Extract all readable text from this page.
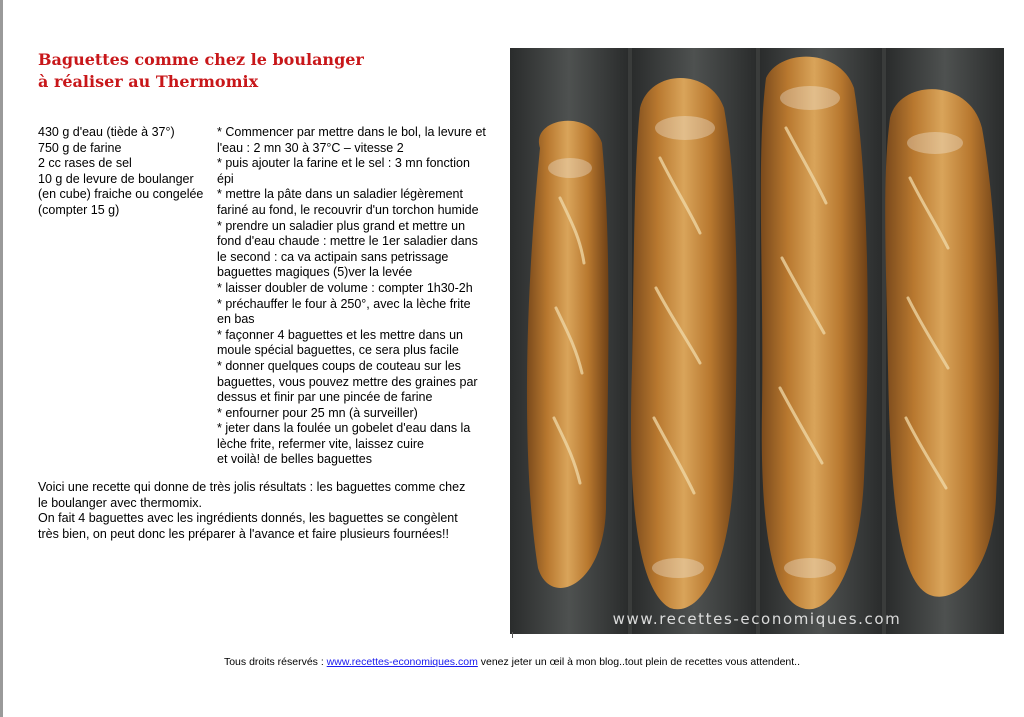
Baguettes comme chez le boulanger
à réaliser au Thermomix
430 g d'eau (tiède à 37°)
750 g de farine
2 cc rases de sel
10 g de levure de boulanger
(en cube) fraiche ou congelée
(compter 15 g)
* Commencer par mettre dans le bol, la levure et
l'eau : 2 mn 30 à 37°C – vitesse 2
* puis ajouter la farine et le sel : 3 mn fonction
épi
* mettre la pâte dans un saladier légèrement
fariné au fond, le recouvrir d'un torchon humide
* prendre un saladier plus grand et mettre un
fond d'eau chaude : mettre le 1er saladier dans
le second : ca va actipain sans petrissage
baguettes magiques (5)ver la levée
* laisser doubler de volume : compter 1h30-2h
* préchauffer le four à 250°, avec la lèche frite
en bas
* façonner 4 baguettes et les mettre dans un
moule spécial baguettes, ce sera plus facile
* donner quelques coups de couteau sur les
baguettes, vous pouvez mettre des graines par
dessus et finir par une pincée de farine
* enfourner pour 25 mn (à surveiller)
* jeter dans la foulée un gobelet d'eau dans la
lèche frite, refermer vite, laissez cuire
et voilà! de belles baguettes
Voici une recette qui donne de très jolis résultats : les baguettes comme chez
le boulanger avec thermomix.
On fait 4 baguettes avec les ingrédients donnés, les baguettes se congèlent
très bien, on peut donc les préparer à l'avance et faire plusieurs fournées!!
www.recettes-economiques.com
Tous droits réservés : www.recettes-economiques.com venez jeter un œil à mon blog..tout plein de recettes vous attendent..
